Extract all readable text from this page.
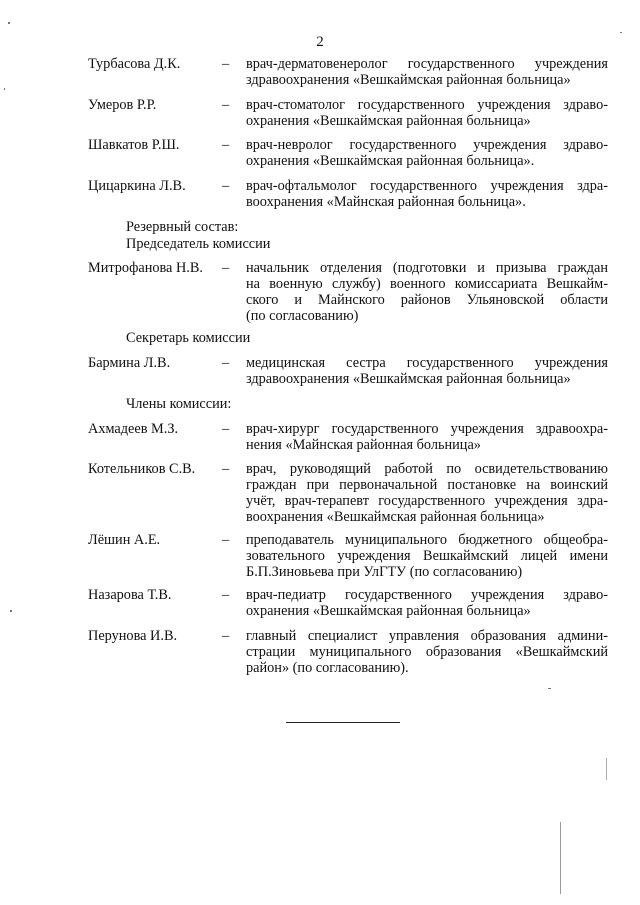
2
Турбасова Д.К.	–	врач-дерматовенеролог государственного учреждения
здравоохранения «Вешкаймская районная больница»
Умеров Р.Р.	–	врач-стоматолог государственного учреждения здраво-
охранения «Вешкаймская районная больница»
Шавкатов Р.Ш.	–	врач-невролог государственного учреждения здраво-
охранения «Вешкаймская районная больница».
Цицаркина Л.В.	–	врач-офтальмолог государственного учреждения здра-
воохранения «Майнская районная больница».
Резервный состав:
Председатель комиссии
Митрофанова Н.В.	–	начальник отделения (подготовки и призыва граждан
на военную службу) военного комиссариата Вешкайм-
ского и Майнского районов Ульяновской области
(по согласованию)
Секретарь комиссии
Бармина Л.В.	–	медицинская сестра государственного учреждения
здравоохранения «Вешкаймская районная больница»
Члены комиссии:
Ахмадеев М.З.	–	врач-хирург государственного учреждения здравоохра-
нения «Майнская районная больница»
Котельников С.В.	–	врач, руководящий работой по освидетельствованию
граждан при первоначальной постановке на воинский
учёт, врач-терапевт государственного учреждения здра-
воохранения «Вешкаймская районная больница»
Лёшин А.Е.	–	преподаватель муниципального бюджетного общеобра-
зовательного учреждения Вешкаймский лицей имени
Б.П.Зиновьева при УлГТУ (по согласованию)
Назарова Т.В.	–	врач-педиатр государственного учреждения здраво-
охранения «Вешкаймская районная больница»
Перунова И.В.	–	главный специалист управления образования админи-
страции муниципального образования «Вешкаймский
район» (по согласованию).
